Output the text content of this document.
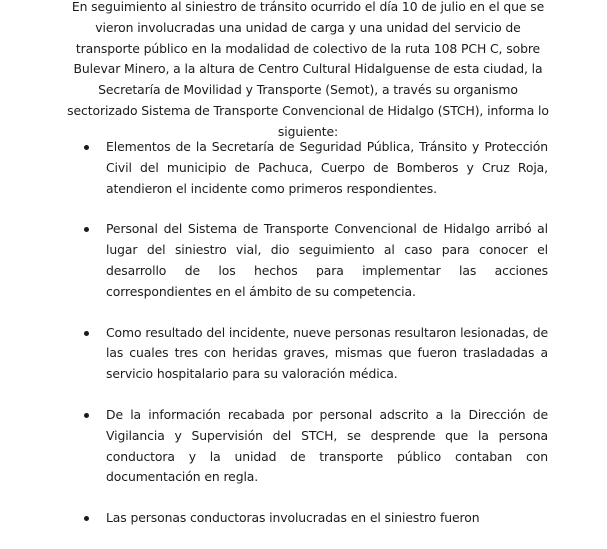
En seguimiento al siniestro de tránsito ocurrido el día 10 de julio en el que se vieron involucradas una unidad de carga y una unidad del servicio de transporte público en la modalidad de colectivo de la ruta 108 PCH C, sobre Bulevar Minero, a la altura de Centro Cultural Hidalguense de esta ciudad, la Secretaría de Movilidad y Transporte (Semot), a través su organismo sectorizado Sistema de Transporte Convencional de Hidalgo (STCH), informa lo siguiente:

Elementos de la Secretaría de Seguridad Pública, Tránsito y Protección Civil del municipio de Pachuca, Cuerpo de Bomberos y Cruz Roja, atendieron el incidente como primeros respondientes.
Personal del Sistema de Transporte Convencional de Hidalgo arribó al lugar del siniestro vial, dio seguimiento al caso para conocer el desarrollo de los hechos para implementar las acciones correspondientes en el ámbito de su competencia.
Como resultado del incidente, nueve personas resultaron lesionadas, de las cuales tres con heridas graves, mismas que fueron trasladadas a servicio hospitalario para su valoración médica.
De la información recabada por personal adscrito a la Dirección de Vigilancia y Supervisión del STCH, se desprende que la persona conductora y la unidad de transporte público contaban con documentación en regla.
Las personas conductoras involucradas en el siniestro fueron
